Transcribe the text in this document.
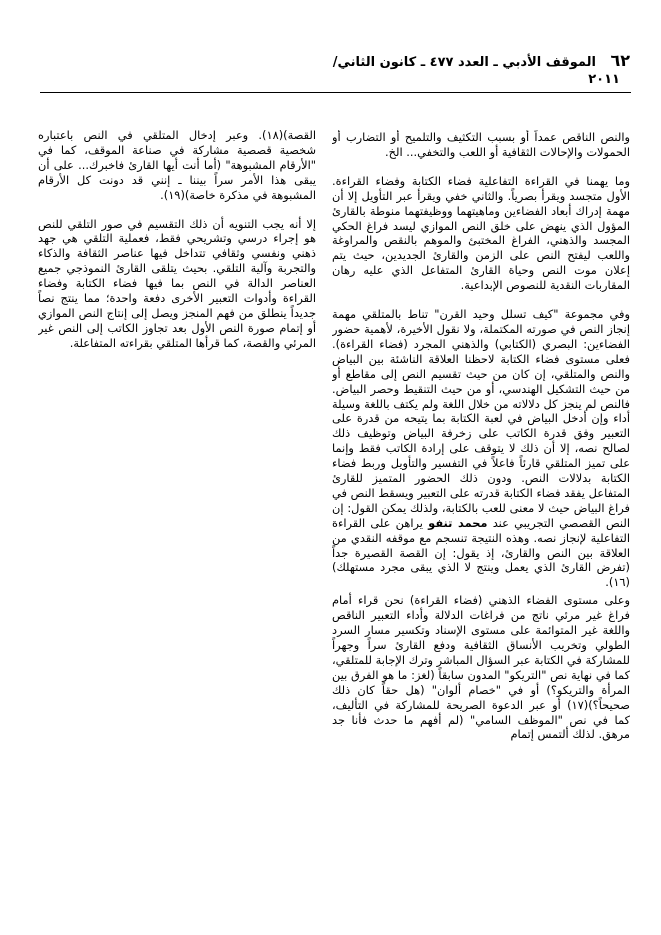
٦٢ الموقف الأدبي ـ العدد ٤٧٧ ـ كانون الثاني/
٢٠١١

والنص الناقص عمداً أو بسبب التكثيف والتلميح أو التضارب أو الحمولات والإحالات الثقافية أو اللعب والتخفي... الخ.

وما يهمنا في القراءة التفاعلية فضاء الكتابة وفضاء القراءة. الأول متجسد ويقرأ بصرياً. والثاني خفي ويقرأ عبر التأويل إلا أن مهمة إدراك أبعاد الفضاءين وماهيتهما ووظيفتهما منوطة بالقارئ المؤول الذي ينهض على خلق النص الموازي ليسد فراغ الحكي المجسد والذهني، الفراغ المختبئ والموهم بالنقص والمراوغة واللعب ليفتح النص على الزمن والقارئ الجديدين، حيث يتم إعلان موت النص وحياة القارئ المتفاعل الذي عليه رهان المقاربات النقدية للنصوص الإبداعية.

وفي مجموعة "كيف تسلل وحيد القرن" تناط بالمتلقي مهمة إنجاز النص في صورته المكتملة، ولا نقول الأخيرة، لأهمية حضور الفضاءين: البصري (الكتابي) والذهني المجرد (فضاء القراءة). فعلى مستوى فضاء الكتابة لاحظنا العلاقة الناشئة بين البياض والنص والمتلقي، إن كان من حيث تقسيم النص إلى مقاطع أو من حيث التشكيل الهندسي، أو من حيث التنقيط وحصر البياض. فالنص لم ينجز كل دلالاته من خلال اللغة ولم يكتف باللغة وسيلة أداء وإن أدخل البياض في لعبة الكتابة بما يتيحه من قدرة على التعبير وفق قدرة الكاتب على زخرفة البياض وتوظيف ذلك لصالح نصه، إلا أن ذلك لا يتوقف على إرادة الكاتب فقط وإنما على تميز المتلقي قارئاً فاعلاً في التفسير والتأويل وربط فضاء الكتابة بدلالات النص. ودون ذلك الحضور المتميز للقارئ المتفاعل يفقد فضاء الكتابة قدرته على التعبير ويسقط النص في فراغ البياض حيث لا معنى للعب بالكتابة، ولذلك يمكن القول: إن النص القصصي التجريبي عند محمد تنفو يراهن على القراءة التفاعلية لإنجاز نصه. وهذه النتيجة تنسجم مع موقفه النقدي من العلاقة بين النص والقارئ، إذ يقول: إن القصة القصيرة جداً (تفرض القارئ الذي يعمل وينتج لا الذي يبقى مجرد مستهلك)(١٦).

وعلى مستوى الفضاء الذهني (فضاء القراءة) نحن قراء أمام فراغ غير مرئي ناتج من فراغات الدلالة وأداء التعبير الناقص واللغة غير المتوائمة على مستوى الإسناد وتكسير مسار السرد الطولي وتخريب الأنساق الثقافية ودفع القارئ سراً وجهراً للمشاركة في الكتابة عبر السؤال المباشر وترك الإجابة للمتلقي، كما في نهاية نص "التريكو" المدون سابقاً (لغز: ما هو الفرق بين المرأة والتريكو؟) أو في "خصام ألوان" (هل حقاً كان ذلك صحيحاً؟)(١٧) أو عبر الدعوة الصريحة للمشاركة في التأليف، كما في نص "الموظف السامي" (لم أفهم ما حدث فأنا جد مرهق. لذلك ألتمس إتمام

القصة)(١٨). وعبر إدخال المتلقي في النص باعتباره شخصية قصصية مشاركة في صناعة الموقف، كما في "الأرقام المشبوهة" (أما أنت أيها القارئ فاخبرك... على أن يبقى هذا الأمر سراً بيننا ـ إنني قد دونت كل الأرقام المشبوهة في مذكرة خاصة)(١٩).

إلا أنه يجب التنويه أن ذلك التقسيم في صور التلقي للنص هو إجراء درسي وتشريحي فقط، فعملية التلقي هي جهد ذهني ونفسي وثقافي تتداخل فيها عناصر الثقافة والذكاء والتجربة وآلية التلقي. بحيث يتلقى القارئ النموذجي جميع العناصر الدالة في النص بما فيها فضاء الكتابة وفضاء القراءة وأدوات التعبير الأخرى دفعة واحدة؛ مما ينتج نصاً جديداً ينطلق من فهم المنجز ويصل إلى إنتاج النص الموازي أو إتمام صورة النص الأول بعد تجاوز الكاتب إلى النص غير المرئي والقصة، كما قرأها المتلقي بقراءته المتفاعلة.
